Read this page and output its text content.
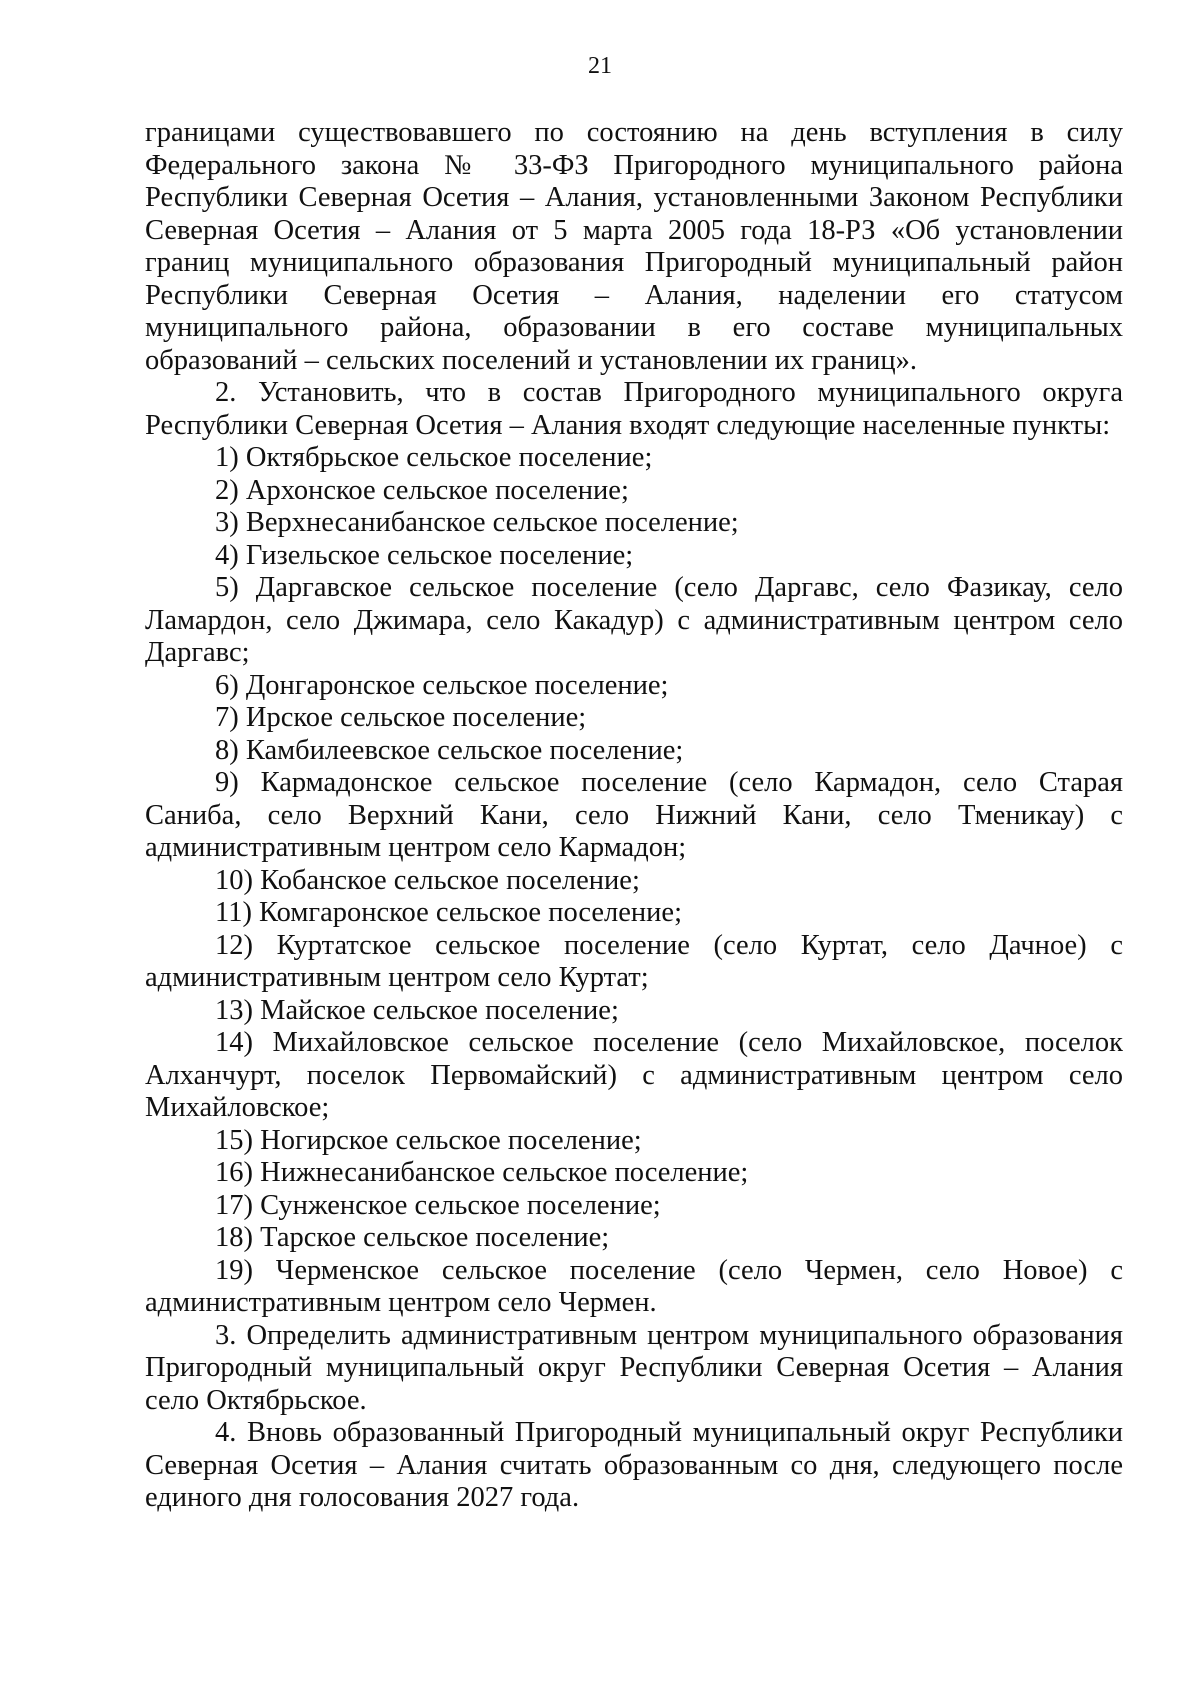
21

границами существовавшего по состоянию на день вступления в силу Федерального закона № 33-ФЗ Пригородного муниципального района Республики Северная Осетия – Алания, установленными Законом Республики Северная Осетия – Алания от 5 марта 2005 года 18-РЗ «Об установлении границ муниципального образования Пригородный муниципальный район Республики Северная Осетия – Алания, наделении его статусом муниципального района, образовании в его составе муниципальных образований – сельских поселений и установлении их границ».

2. Установить, что в состав Пригородного муниципального округа Республики Северная Осетия – Алания входят следующие населенные пункты:

1) Октябрьское сельское поселение;

2) Архонское сельское поселение;

3) Верхнесанибанское сельское поселение;

4) Гизельское сельское поселение;

5) Даргавское сельское поселение (село Даргавс, село Фазикау, село Ламардон, село Джимара, село Какадур) с административным центром село Даргавс;

6) Донгаронское сельское поселение;

7) Ирское сельское поселение;

8) Камбилеевское сельское поселение;

9) Кармадонское сельское поселение (село Кармадон, село Старая Саниба, село Верхний Кани, село Нижний Кани, село Тменикау) с административным центром село Кармадон;

10) Кобанское сельское поселение;

11) Комгаронское сельское поселение;

12) Куртатское сельское поселение (село Куртат, село Дачное) с административным центром село Куртат;

13) Майское сельское поселение;

14) Михайловское сельское поселение (село Михайловское, поселок Алханчурт, поселок Первомайский) с административным центром село Михайловское;

15) Ногирское сельское поселение;

16) Нижнесанибанское сельское поселение;

17) Сунженское сельское поселение;

18) Тарское сельское поселение;

19) Черменское сельское поселение (село Чермен, село Новое) с административным центром село Чермен.

3. Определить административным центром муниципального образования Пригородный муниципальный округ Республики Северная Осетия – Алания село Октябрьское.

4. Вновь образованный Пригородный муниципальный округ Республики Северная Осетия – Алания считать образованным со дня, следующего после единого дня голосования 2027 года.
